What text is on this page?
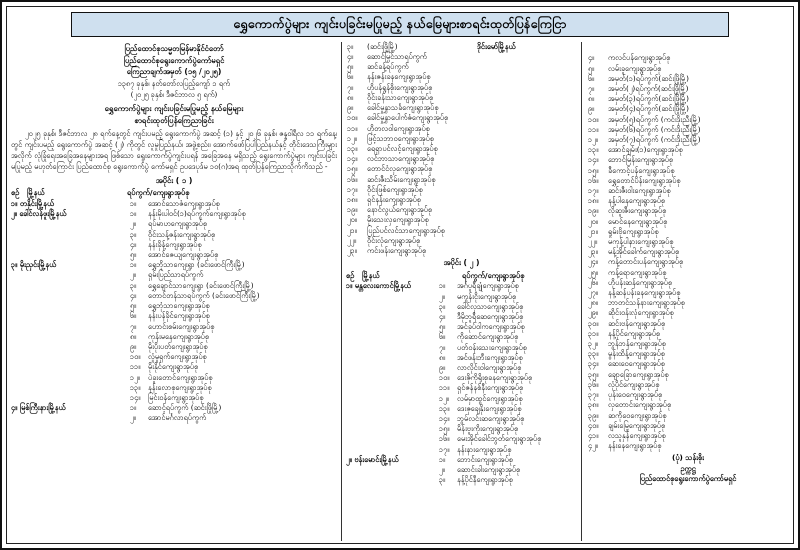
ရွှေကောက်ပွဲများ ကျင်းပခြင်းမပြုမည့် နယ်မြေများစာရင်းထုတ်ပြန်ကြေငြာ
ပြည်ထောင်စုသမ္မတမြန်မာနိုင်ငံတော်
ပြည်ထောင်စုရွေးကောက်ပွဲကော်မရှင်
ကြေညာချက်အမှတ် (၁၅ /၂၀၂၅)
၁၃၈၇ ခုနှစ်၊ နတ်တော်လပြည့်ကျော် ၁ ရက်
(၂၀၂၅ ခုနှစ်၊ ဒီဇင်ဘာလ ၅ ရက်)
ရွှေကောက်ပွဲများ ကျင်းပခြင်းမပြုမည့် နယ်မြေများ
စာရင်းထုတ်ပြန်ကြေညာခြင်း
၂၀၂၅ ခုနှစ်၊ ဒီဇင်ဘာလ ၂၈ ရက်နေ့တွင် ကျင်းပမည့် ရွေးကောက်ပွဲ အဆင့် (၁) နှင့် ၂၀၂၆ ခုနှစ်၊ ဇန္နဝါရီလ ၁၁ ရက်နေ့၊ တွင် ကျင်းပမည့် ရွေးကောက်ပွဲ အဆင့် (၂) ကိုတွင် လူမှုပြည်နယ်၊ အဖွဲ့စည်း၊ အောက်ဖော်ပြပါပြည်နယ်နှင့် တိုင်းဒေသကြီးများအလိုက် လုံခြုံရေးအခြေအနေများအရ ဖြစ်သော ရွေးကောက်ပွဲကျင်းပရန် အခြေအနေ မရှိသည့် ရွေးကောက်ပွဲများ ကျင်းပခြင်းမပြုမည့် မဟုတ်ကြောင်း ပြည်ထောင်စု ရွေးကောက်ပွဲ ကော်မရှင် ဥပဒေပုဒ်မ ၁၀(ဂ)အရ ထုတ်ပြန်ကြေညာသိုက်ကိသည် -
အပိုင်း ( ၁ )
စဉ်	မြို့နယ်	ရပ်ကွက်/ကျေးရွာအုပ်စု
၁။ တနိုင်းမြို့နယ်	၁။	အောင်သောဇံကျေးရွာအုပ်စု
၂။ ခေါင်လန်ဖူးမြို့နယ်	၁။	နန်းမိုးပါဝင်(၁)ရပ်ကွက်ကျေးရွာအုပ်စု
၂။	ရပ်မာဟကျေးရွာအုပ်စု
၃။	ဝိုင်းသန့်ဇန်းကျေးရွာအုပ်စု
၄။	နန်းခိုန့်ကျေးရွာအုပ်စု
၅။	အောင်ဇေယျကျေးရွာအုပ်စု
၃။ မိုးညှင်းမြို့နယ်	၁။	ရွှေဘိုသာကျေးရွာ (ခင်းဖောင်ကြီးမြို့)
၂။	ရှမ်းပြည်သာရပ်ကွက်
၃။	ရွှေချောင်သာကျေးရွာ (ခင်းဖောင်ကြီးမြို့)
၄။	တောင်တန်သာရပ်ကွက် (ခင်းဖောင်ကြီးမြို့)
၅။	ရွှေဘုံသာကျေးရွာအုပ်စု
၆။	နန်းပန်ခိုင်ကျေးရွာအုပ်စု
၇။	ဟောင်းစမ်းကျေးရွာအုပ်စု
၈။	ကုန်းမနေကျေးရွာအုပ်စု
၉။	မိုးပိုးပတ်ကျေးရွာအုပ်စု
၁၀။	လှုံမှုရှက်ကျေးရွာအုပ်စု
၁၁။	မိုးနိုင်ကျေးရွာအုပ်စု
၁၂။	ပဲခူးတောင်ကျေးရွာအုပ်စု
၁၃။	နန်းလောစုကျေးရွာအုပ်စု
၁၄။	မြင်းဝန်ကျေးရွာအုပ်စု
၄။ မြစ်ကြီးနားမြို့နယ်	၁။	ဆောင့်ရပ်ကွက် (ဆင်းဖြိုမြို့)
၂။	အောင်မင်္ဂလာရပ်ကွက်
၃။	(ဆင်းဖြိုမြို့)
၄။	ဆောင်မြှင်သာရပ်ကွက်
၅။	ဆင်ခန့်ရပ်ကွက်
၆။	နန်းဇန်းခနကျေးရွာအုပ်စု
၇။	ဟိုပန်ရွန်စိုးကျေးရွာအုပ်စု
၈။	ဝိုင်းခန်းသာကျေးရွာအုပ်စု
၉။	ခေါင်မှုနွှာသင်္ခကျေးရွာအုပ်စု
၁၀။	ခေါင်မှုနွှာပေါက်ဇံကျေးရွာအုပ်စု
၁၁။	ဟိုတလဝါကျေးရွာအုပ်စု
၁၂။	ဖြင့်သဘာဝကျေးရွာအုပ်စု
၁၃။	ရေရှာပင်လင့်ကျေးရွာအုပ်စု
၁၄။	လင်ဘာသာကျေးရွာအုပ်စု
၁၅။	တောင်ငံလှကျေးရွာအုပ်စု
၁၆။	ဆင်းဇီးသိမ်းကျေးရွာအုပ်စု
၁၇။	ဝိုင်းဖြစ်ကျေးရွာအုပ်စု
၁၈။	ရှင်နန်းကျေးရွာအုပ်စု
၁၉။	နောင်လွယ်ကျေးရွာအုပ်စု
၂၀။	မိုးသေးလှကျေးရွာအုပ်စု
၂၁။	ပြည်ပင်လင်သာကျေးရွာအုပ်စု
၂၂။	ဝိုင်းလုံကျေးရွာအုပ်စု
၂၃။	ကင်းဖန်းကျေးရွာအုပ်စု

အပိုင်း ( ၂ )
စဉ်	မြို့နယ်	ရပ်ကွက်/ကျေးရွာအုပ်စု
၁။ မန္တလေးကောင်မြို့နယ်	၁။	အင်္ဂပူရီချုံကျေးရွာအုပ်စု
၂။	မကွန်းငိုးကျေးရွာအုပ်စု
၃။	ခေါင်လှသာကျေးရွာအုပ်စု
၄။	ဒီမိုဘူရီဆေကျေးရွာအုပ်စု
၅။	အင်ခုပ်ဝါကကျေးရွာအုပ်စု
၆။	ကိုဆောင်ကျေးရွာအုပ်စု
၇။	ပတ်ဝန်းသေးကျေးရွာအုပ်စု
၈။	အင်ဖန်းဘီးကျေးရွာအုပ်စု
၉။	လာလိုင်းဝါကျေးရွာအုပ်စု
၁၀။	ဒေးဇိုကိုရိုးစုခနကျေးရွာအုပ်စု
၁၁။	ရှင်ဇန်နစ်နီးကျေးရွာအုပ်စု
၁၂။	လမ်မှာထွင်ကျေးရွာအုပ်စု
၁၃။	ဒေးဇုချေနိုးကျေးရွာအုပ်စု
၁၄။	ဘွမ်လင်းဆကျေးရွာအုပ်စု
၁၅။	မိန်းဗူးကိုးကျေးရွာအုပ်စု
၁၆။	မေးအိုင်ခေါင်ဘွတ်ကျေးရွာအုပ်စု
၁၇။	နန်းနားကျေးရွာအုပ်စု
၂။ ဗန်းမောင်းမြို့နယ်	၁။	ဘောင်းကျေးရွာအုပ်စု
၂။	ဆောင်းခါးကျေးရွာအုပ်စု
၃။	နန့်ပိုင်နီကျေးရွာအုပ်စု
ဒိုင်းမော်မြို့နယ်
၄။	ကလင်ပန်ကျေးရွာအုပ်စု
၅။	လမ်းခူကျေးရွာအုပ်စု
၆။	အမှတ်(၁)ရပ်ကွက်(ဆင်းဖြိုမြို့)
၇။	အမှတ်(၂)ရပ်ကွက်(ဆင်းဖြိုမြို့)
၈။	အမှတ်(၃)ရပ်ကွက်(ဆင်းဖြိုမြို့)
၉။	အမှတ်(၄)ရပ်ကွက်(ဆင်းဖြိုမြို့)
၁၀။	အမှတ်(၅)ရပ်ကွက် (ကင်းဒိုးညီးမြို့)
၁၁။	အမှတ်(၆)ရပ်ကွက် (ကင်းဒိုးညီးမြို့)
၁၂။	အမှတ်(၇)ရပ်ကွက် (ကင်းဒိုးညီးမြို့)
၁၃။	အောင်ချမ်း(၁)ကျေးရွာအုပ်စု
၁၄။	ဘောင်မြန်းကျေးရွာအုပ်စု
၁၅။	ခီကောင့်ပန်ကျေးရွာအုပ်စု
၁၆။	ရွှေတောင်ပိန်းကျေးရွာအုပ်စု
၁၇။	ဆင်းဇီးဝါးကျေးရွာအုပ်စု
၁၈။	နန့်ပါနေကျေးရွာအုပ်စု
၁၉။	လိုဆူးဇီးကျေးရွာအုပ်စု
၂၀။	မောင်နေကျေးရွာအုပ်စု
၂၁။	ရှုမ်းဗိုကျေးရွာအုပ်စု
၂၂။	မကုန့်ပါနားကျေးရွာအုပ်စု
၂၃။	မန့်အိုင်ခေါက်ကျေးရွာအုပ်စု
၂၄။	ကန့်တောင်းပန်ကျေးရွာအုပ်စု
၂၅။	ကန့်ရောကျေးရွာအုပ်စု
၂၆။	ဟိုပန်းဆန်ကျေးရွာအုပ်စု
၂၇။	နန့်ဆန်ပန်းခနကျေးရွာအုပ်စု
၂၈။	ဘာတင်သန်နားကျေးရွာအုပ်စု
၂၉။	ဆိုင်းဝန်းလုံကျေးရွာအုပ်စု
၃၀။	ဆင်းဗန်ကျေးရွာအုပ်စု
၃၁။	နန့်ပိုင်ကျေးရွာအုပ်စု
၃၂။	ဘွန်ဘန်ကျေးရွာအုပ်စု
၃၃။	မွန်းထိန့်ကျေးရွာအုပ်စု
၃၄။	ဆေးဝေကျေးရွာအုပ်စု
၃၅။	ချောခြောကျေးရွာအုပ်စု
၃၆။	လုံပိုင်ကျေးရွာအုပ်စု
၃၇။	ပုန်းဝေကျေးရွာအုပ်စု
၃၈။	လှတောင်းကျေးရွာအုပ်စု
၃၉။	ဆကိုဝေကျေးရွာအုပ်စု
၄၀။	ချမ်းမြေ့ကျေးရွာအုပ်စု
၄၁။	လသူနှန်ကျေးရွာအုပ်စု
၄၂။	နန်းနေကျေးရွာအုပ်စု

(ပုံ) သန်းစိုး
ဥက္ကဋ္ဌ
ပြည်ထောင်စုရွေးကောက်ပွဲကော်မရှင်
